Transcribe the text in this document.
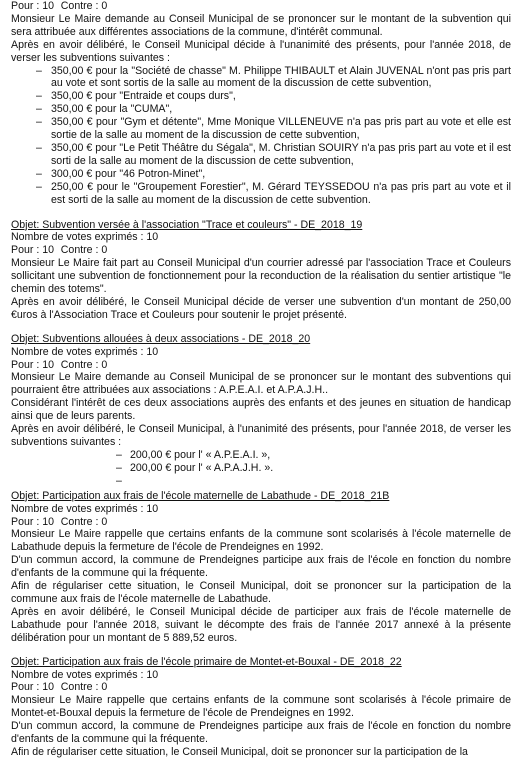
Pour : 10 Contre : 0

Monsieur Le Maire demande au Conseil Municipal de se prononcer sur le montant de la subvention qui sera attribuée aux différentes associations de la commune, d'intérêt communal.

Après en avoir délibéré, le Conseil Municipal décide à l'unanimité des présents, pour l'année 2018, de verser les subventions suivantes :

– 350,00 € pour la "Société de chasse" M. Philippe THIBAULT et Alain JUVENAL n'ont pas pris part au vote et sont sortis de la salle au moment de la discussion de cette subvention,
– 350,00 € pour "Entraide et coups durs",
– 350,00 € pour la "CUMA",
– 350,00 € pour "Gym et détente", Mme Monique VILLENEUVE n'a pas pris part au vote et elle est sortie de la salle au moment de la discussion de cette subvention,
– 350,00 € pour "Le Petit Théâtre du Ségala", M. Christian SOUIRY n'a pas pris part au vote et il est sorti de la salle au moment de la discussion de cette subvention,
– 300,00 € pour "46 Potron-Minet",
– 250,00 € pour le "Groupement Forestier", M. Gérard TEYSSEDOU n'a pas pris part au vote et il est sorti de la salle au moment de la discussion de cette subvention.

Objet: Subvention versée à l'association "Trace et couleurs" - DE_2018_19

Nombre de votes exprimés : 10

Pour : 10 Contre : 0

Monsieur Le Maire fait part au Conseil Municipal d'un courrier adressé par l'association Trace et Couleurs sollicitant une subvention de fonctionnement pour la reconduction de la réalisation du sentier artistique "le chemin des totems".

Après en avoir délibéré, le Conseil Municipal décide de verser une subvention d'un montant de 250,00 €uros à l'Association Trace et Couleurs pour soutenir le projet présenté.

Objet: Subventions allouées à deux associations - DE_2018_20

Nombre de votes exprimés : 10

Pour : 10 Contre : 0

Monsieur Le Maire demande au Conseil Municipal de se prononcer sur le montant des subventions qui pourraient être attribuées aux associations : A.P.E.A.I. et A.P.A.J.H..

Considérant l'intérêt de ces deux associations auprès des enfants et des jeunes en situation de handicap ainsi que de leurs parents.

Après en avoir délibéré, le Conseil Municipal, à l'unanimité des présents, pour l'année 2018, de verser les subventions suivantes :

– 200,00 € pour l' « A.P.E.A.I. »,
– 200,00 € pour l' « A.P.A.J.H. ».
–

Objet: Participation aux frais de l'école maternelle de Labathude - DE_2018_21B

Nombre de votes exprimés : 10

Pour : 10 Contre : 0

Monsieur Le Maire rappelle que certains enfants de la commune sont scolarisés à l'école maternelle de Labathude depuis la fermeture de l'école de Prendeignes en 1992.

D'un commun accord, la commune de Prendeignes participe aux frais de l'école en fonction du nombre d'enfants de la commune qui la fréquente.

Afin de régulariser cette situation, le Conseil Municipal, doit se prononcer sur la participation de la commune aux frais de l'école maternelle de Labathude.

Après en avoir délibéré, le Conseil Municipal décide de participer aux frais de l'école maternelle de Labathude pour l'année 2018, suivant le décompte des frais de l'année 2017 annexé à la présente délibération pour un montant de 5 889,52 euros.

Objet: Participation aux frais de l'école primaire de Montet-et-Bouxal - DE_2018_22

Nombre de votes exprimés : 10

Pour : 10 Contre : 0

Monsieur Le Maire rappelle que certains enfants de la commune sont scolarisés à l'école primaire de Montet-et-Bouxal depuis la fermeture de l'école de Prendeignes en 1992.

D'un commun accord, la commune de Prendeignes participe aux frais de l'école en fonction du nombre d'enfants de la commune qui la fréquente.

Afin de régulariser cette situation, le Conseil Municipal, doit se prononcer sur la participation de la
